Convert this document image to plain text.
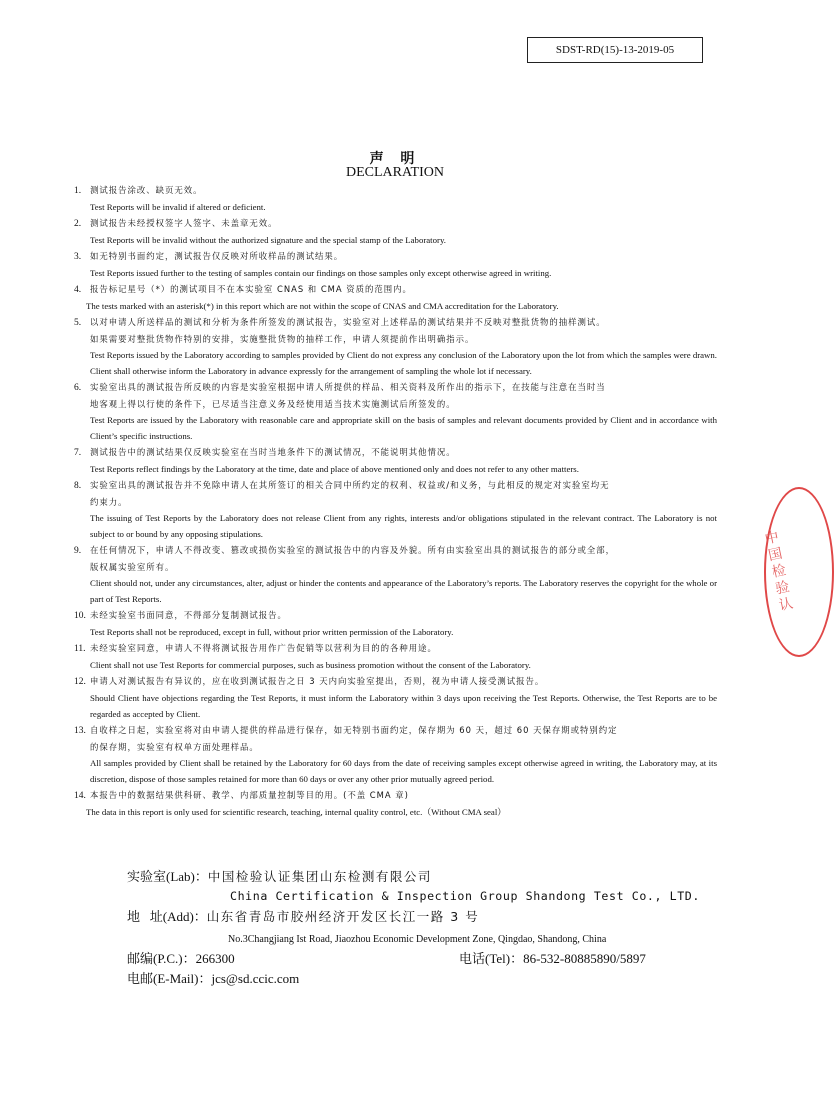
SDST-RD(15)-13-2019-05
声 明
DECLARATION
1. 测试报告涂改、缺页无效。
Test Reports will be invalid if altered or deficient.
2. 测试报告未经授权签字人签字、未盖章无效。
Test Reports will be invalid without the authorized signature and the special stamp of the Laboratory.
3. 如无特别书面约定，测试报告仅反映对所收样品的测试结果。
Test Reports issued further to the testing of samples contain our findings on those samples only except otherwise agreed in writing.
4. 报告标记星号（*）的测试项目不在本实验室 CNAS 和 CMA 资质的范围内。
The tests marked with an asterisk(*) in this report which are not within the scope of CNAS and CMA accreditation for the Laboratory.
5. 以对申请人所送样品的测试和分析为条件所签发的测试报告，实验室对上述样品的测试结果并不反映对整批货物的抽样测试。
如果需要对整批货物作特别的安排，实施整批货物的抽样工作，申请人须提前作出明确指示。
Test Reports issued by the Laboratory according to samples provided by Client do not express any conclusion of the Laboratory upon the lot from which the samples were drawn. Client shall otherwise inform the Laboratory in advance expressly for the arrangement of sampling the whole lot if necessary.
6. 实验室出具的测试报告所反映的内容是实验室根据申请人所提供的样品、相关资料及所作出的指示下，在技能与注意在当时当
地客观上得以行使的条件下，已尽适当注意义务及经使用适当技术实施测试后所签发的。
Test Reports are issued by the Laboratory with reasonable care and appropriate skill on the basis of samples and relevant documents provided by Client and in accordance with Client’s specific instructions.
7. 测试报告中的测试结果仅反映实验室在当时当地条件下的测试情况，不能说明其他情况。
Test Reports reflect findings by the Laboratory at the time, date and place of above mentioned only and does not refer to any other matters.
8. 实验室出具的测试报告并不免除申请人在其所签订的相关合同中所约定的权利、权益或/和义务，与此相反的规定对实验室均无
约束力。
The issuing of Test Reports by the Laboratory does not release Client from any rights, interests and/or obligations stipulated in the relevant contract. The Laboratory is not subject to or bound by any opposing stipulations.
9. 在任何情况下，申请人不得改变、篡改或损伤实验室的测试报告中的内容及外貌。所有由实验室出具的测试报告的部分或全部，
版权属实验室所有。
Client should not, under any circumstances, alter, adjust or hinder the contents and appearance of the Laboratory’s reports. The Laboratory reserves the copyright for the whole or part of Test Reports.
10. 未经实验室书面同意，不得部分复制测试报告。
Test Reports shall not be reproduced, except in full, without prior written permission of the Laboratory.
11. 未经实验室同意，申请人不得将测试报告用作广告促销等以营利为目的的各种用途。
Client shall not use Test Reports for commercial purposes, such as business promotion without the consent of the Laboratory.
12. 申请人对测试报告有异议的，应在收到测试报告之日 3 天内向实验室提出，否则，视为申请人接受测试报告。
Should Client have objections regarding the Test Reports, it must inform the Laboratory within 3 days upon receiving the Test Reports. Otherwise, the Test Reports are to be regarded as accepted by Client.
13. 自收样之日起，实验室将对由申请人提供的样品进行保存，如无特别书面约定，保存期为 60 天，超过 60 天保存期或特别约定
的保存期，实验室有权单方面处理样品。
All samples provided by Client shall be retained by the Laboratory for 60 days from the date of receiving samples except otherwise agreed in writing, the Laboratory may, at its discretion, dispose of those samples retained for more than 60 days or over any other prior mutually agreed period.
14. 本报告中的数据结果供科研、教学、内部质量控制等目的用。(不盖 CMA 章)
The data in this report is only used for scientific research, teaching, internal quality control, etc.（Without CMA seal）
实验室(Lab)：中国检验认证集团山东检测有限公司
China Certification & Inspection Group Shandong Test Co., LTD.
地   址(Add)：山东省青岛市胶州经济开发区长江一路 3 号
No.3Changjiang Ist Road, Jiaozhou Economic Development Zone, Qingdao, Shandong, China
邮编(P.C.)：266300	电话(Tel)：86-532-80885890/5897
电邮(E-Mail)：jcs@sd.ccic.com
中国检验认
